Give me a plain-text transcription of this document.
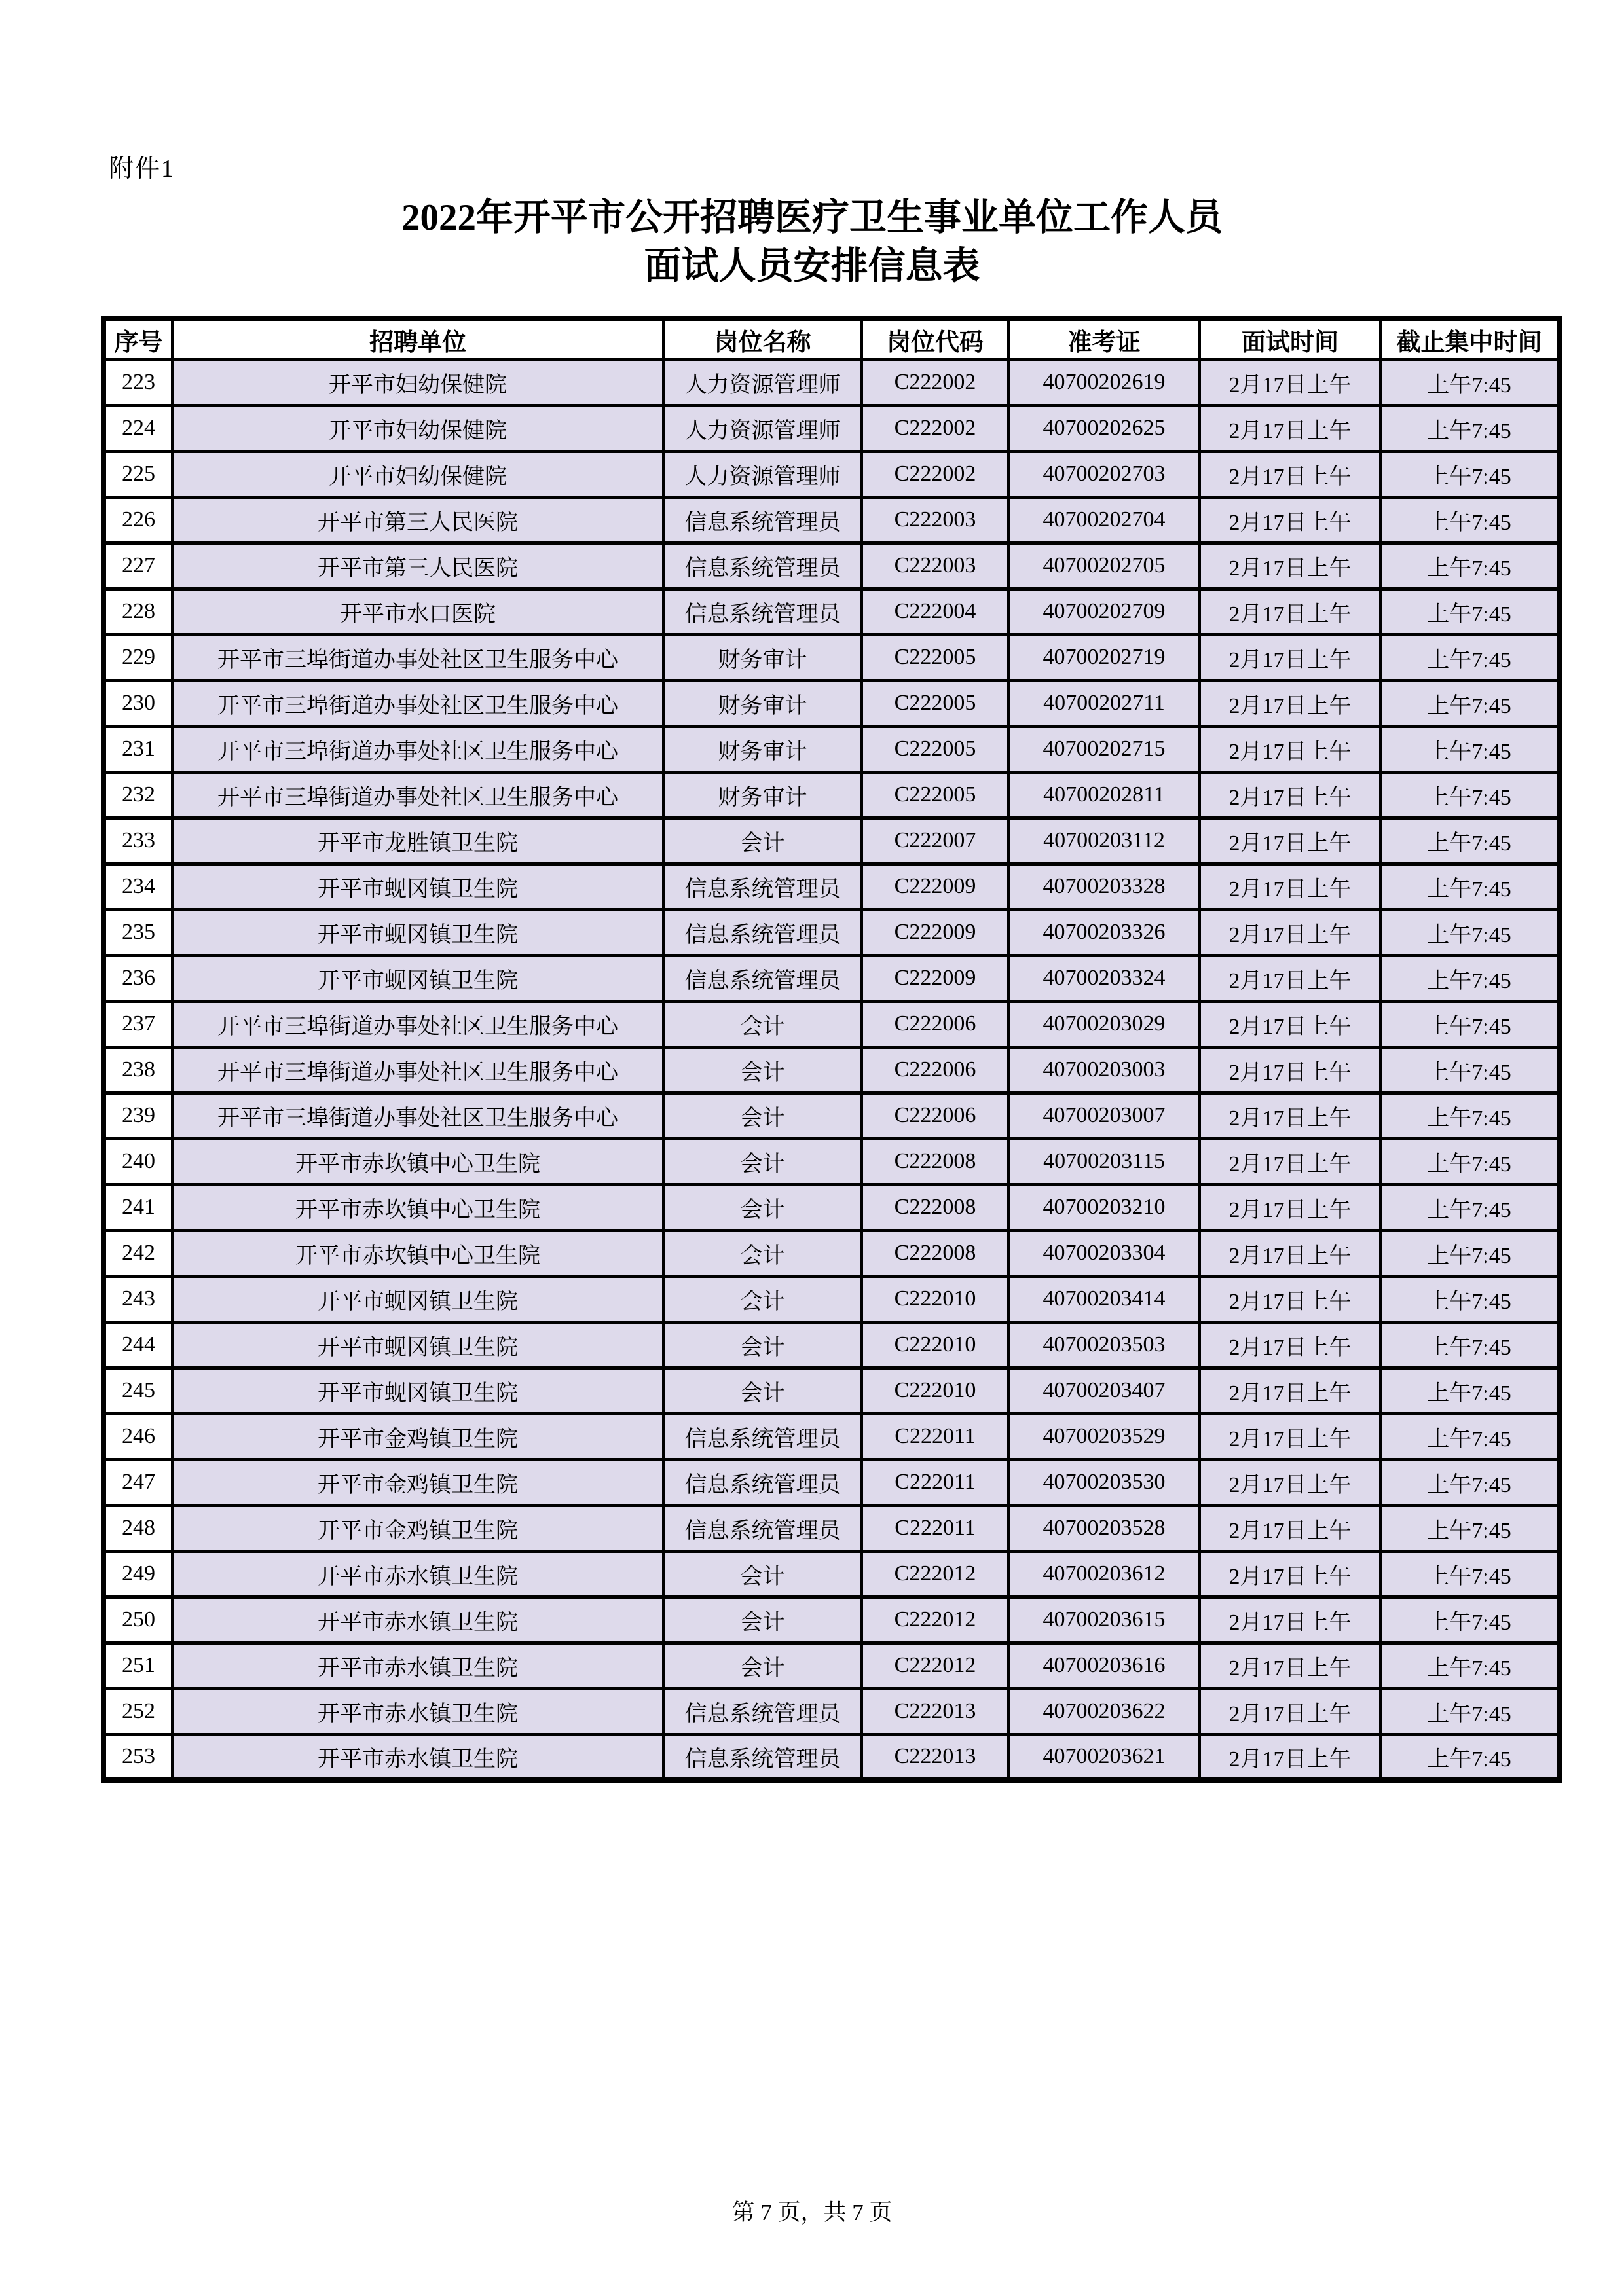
附件1
2022年开平市公开招聘医疗卫生事业单位工作人员
面试人员安排信息表
序号	招聘单位	岗位名称	岗位代码	准考证	面试时间	截止集中时间
223	开平市妇幼保健院	人力资源管理师	C222002	40700202619	2月17日上午	上午7:45
224	开平市妇幼保健院	人力资源管理师	C222002	40700202625	2月17日上午	上午7:45
225	开平市妇幼保健院	人力资源管理师	C222002	40700202703	2月17日上午	上午7:45
226	开平市第三人民医院	信息系统管理员	C222003	40700202704	2月17日上午	上午7:45
227	开平市第三人民医院	信息系统管理员	C222003	40700202705	2月17日上午	上午7:45
228	开平市水口医院	信息系统管理员	C222004	40700202709	2月17日上午	上午7:45
229	开平市三埠街道办事处社区卫生服务中心	财务审计	C222005	40700202719	2月17日上午	上午7:45
230	开平市三埠街道办事处社区卫生服务中心	财务审计	C222005	40700202711	2月17日上午	上午7:45
231	开平市三埠街道办事处社区卫生服务中心	财务审计	C222005	40700202715	2月17日上午	上午7:45
232	开平市三埠街道办事处社区卫生服务中心	财务审计	C222005	40700202811	2月17日上午	上午7:45
233	开平市龙胜镇卫生院	会计	C222007	40700203112	2月17日上午	上午7:45
234	开平市蚬冈镇卫生院	信息系统管理员	C222009	40700203328	2月17日上午	上午7:45
235	开平市蚬冈镇卫生院	信息系统管理员	C222009	40700203326	2月17日上午	上午7:45
236	开平市蚬冈镇卫生院	信息系统管理员	C222009	40700203324	2月17日上午	上午7:45
237	开平市三埠街道办事处社区卫生服务中心	会计	C222006	40700203029	2月17日上午	上午7:45
238	开平市三埠街道办事处社区卫生服务中心	会计	C222006	40700203003	2月17日上午	上午7:45
239	开平市三埠街道办事处社区卫生服务中心	会计	C222006	40700203007	2月17日上午	上午7:45
240	开平市赤坎镇中心卫生院	会计	C222008	40700203115	2月17日上午	上午7:45
241	开平市赤坎镇中心卫生院	会计	C222008	40700203210	2月17日上午	上午7:45
242	开平市赤坎镇中心卫生院	会计	C222008	40700203304	2月17日上午	上午7:45
243	开平市蚬冈镇卫生院	会计	C222010	40700203414	2月17日上午	上午7:45
244	开平市蚬冈镇卫生院	会计	C222010	40700203503	2月17日上午	上午7:45
245	开平市蚬冈镇卫生院	会计	C222010	40700203407	2月17日上午	上午7:45
246	开平市金鸡镇卫生院	信息系统管理员	C222011	40700203529	2月17日上午	上午7:45
247	开平市金鸡镇卫生院	信息系统管理员	C222011	40700203530	2月17日上午	上午7:45
248	开平市金鸡镇卫生院	信息系统管理员	C222011	40700203528	2月17日上午	上午7:45
249	开平市赤水镇卫生院	会计	C222012	40700203612	2月17日上午	上午7:45
250	开平市赤水镇卫生院	会计	C222012	40700203615	2月17日上午	上午7:45
251	开平市赤水镇卫生院	会计	C222012	40700203616	2月17日上午	上午7:45
252	开平市赤水镇卫生院	信息系统管理员	C222013	40700203622	2月17日上午	上午7:45
253	开平市赤水镇卫生院	信息系统管理员	C222013	40700203621	2月17日上午	上午7:45
第 7 页，共 7 页
